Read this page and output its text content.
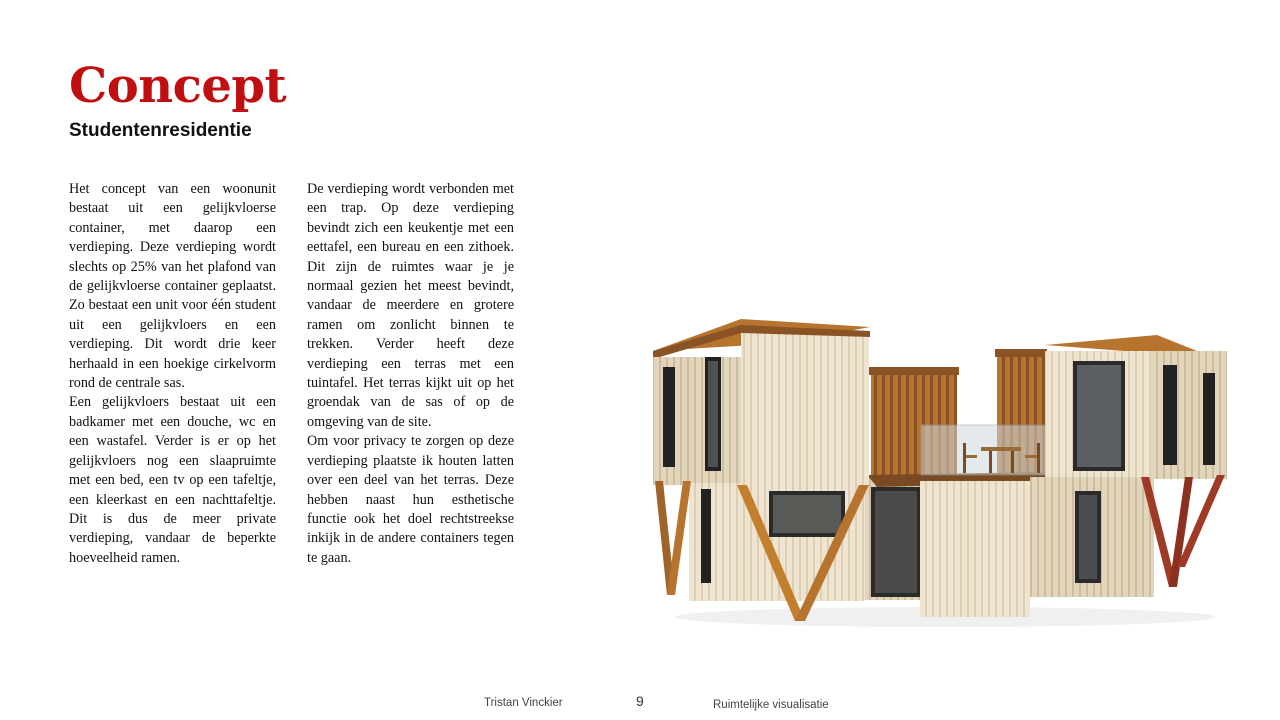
Concept
Studentenresidentie

Het concept van een woonunit bestaat uit een gelijkvloerse container, met daarop een verdieping. Deze verdieping wordt slechts op 25% van het plafond van de gelijkvloerse container geplaatst. Zo bestaat een unit voor één student uit een gelijkvloers en een verdieping. Dit wordt drie keer herhaald in een hoekige cirkelvorm rond de centrale sas.

Een gelijkvloers bestaat uit een badkamer met een douche, wc en een wastafel. Verder is er op het gelijkvloers nog een slaapruimte met een bed, een tv op een tafeltje, een kleerkast en een nachttafeltje. Dit is dus de meer private verdieping, vandaar de beperkte hoeveelheid ramen.

De verdieping wordt verbonden met een trap. Op deze verdieping bevindt zich een keukentje met een eettafel, een bureau en een zithoek. Dit zijn de ruimtes waar je je normaal gezien het meest bevindt, vandaar de meerdere en grotere ramen om zonlicht binnen te trekken. Verder heeft deze verdieping een terras met een tuintafel. Het terras kijkt uit op het groendak van de sas of op de omgeving van de site.

Om voor privacy te zorgen op deze verdieping plaatste ik houten latten over een deel van het terras. Deze hebben naast hun esthetische functie ook het doel rechtstreekse inkijk in de andere containers tegen te gaan.

Tristan Vinckier	9	Ruimtelijke visualisatie
